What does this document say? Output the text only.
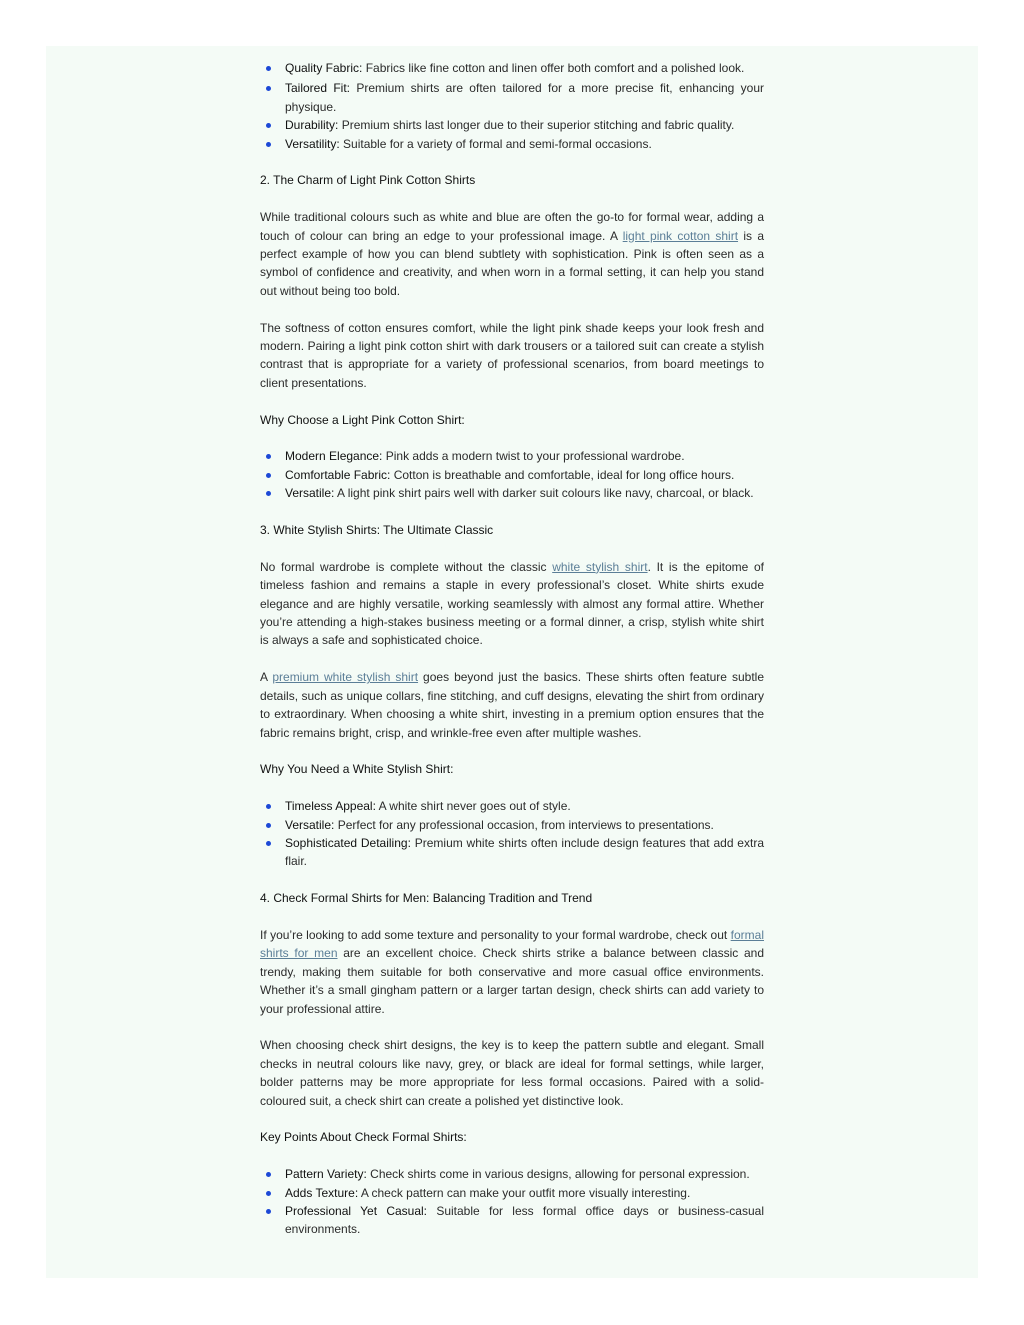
Quality Fabric: Fabrics like fine cotton and linen offer both comfort and a polished look.
Tailored Fit: Premium shirts are often tailored for a more precise fit, enhancing your physique.
Durability: Premium shirts last longer due to their superior stitching and fabric quality.
Versatility: Suitable for a variety of formal and semi-formal occasions.
2. The Charm of Light Pink Cotton Shirts

While traditional colours such as white and blue are often the go-to for formal wear, adding a touch of colour can bring an edge to your professional image. A light pink cotton shirt is a perfect example of how you can blend subtlety with sophistication. Pink is often seen as a symbol of confidence and creativity, and when worn in a formal setting, it can help you stand out without being too bold.

The softness of cotton ensures comfort, while the light pink shade keeps your look fresh and modern. Pairing a light pink cotton shirt with dark trousers or a tailored suit can create a stylish contrast that is appropriate for a variety of professional scenarios, from board meetings to client presentations.

Why Choose a Light Pink Cotton Shirt:
Modern Elegance: Pink adds a modern twist to your professional wardrobe.
Comfortable Fabric: Cotton is breathable and comfortable, ideal for long office hours.
Versatile: A light pink shirt pairs well with darker suit colours like navy, charcoal, or black.
3. White Stylish Shirts: The Ultimate Classic

No formal wardrobe is complete without the classic white stylish shirt. It is the epitome of timeless fashion and remains a staple in every professional’s closet. White shirts exude elegance and are highly versatile, working seamlessly with almost any formal attire. Whether you’re attending a high-stakes business meeting or a formal dinner, a crisp, stylish white shirt is always a safe and sophisticated choice.

A premium white stylish shirt goes beyond just the basics. These shirts often feature subtle details, such as unique collars, fine stitching, and cuff designs, elevating the shirt from ordinary to extraordinary. When choosing a white shirt, investing in a premium option ensures that the fabric remains bright, crisp, and wrinkle-free even after multiple washes.

Why You Need a White Stylish Shirt:
Timeless Appeal: A white shirt never goes out of style.
Versatile: Perfect for any professional occasion, from interviews to presentations.
Sophisticated Detailing: Premium white shirts often include design features that add extra flair.
4. Check Formal Shirts for Men: Balancing Tradition and Trend

If you’re looking to add some texture and personality to your formal wardrobe, check out formal shirts for men are an excellent choice. Check shirts strike a balance between classic and trendy, making them suitable for both conservative and more casual office environments. Whether it’s a small gingham pattern or a larger tartan design, check shirts can add variety to your professional attire.

When choosing check shirt designs, the key is to keep the pattern subtle and elegant. Small checks in neutral colours like navy, grey, or black are ideal for formal settings, while larger, bolder patterns may be more appropriate for less formal occasions. Paired with a solid-coloured suit, a check shirt can create a polished yet distinctive look.

Key Points About Check Formal Shirts:
Pattern Variety: Check shirts come in various designs, allowing for personal expression.
Adds Texture: A check pattern can make your outfit more visually interesting.
Professional Yet Casual: Suitable for less formal office days or business-casual environments.
